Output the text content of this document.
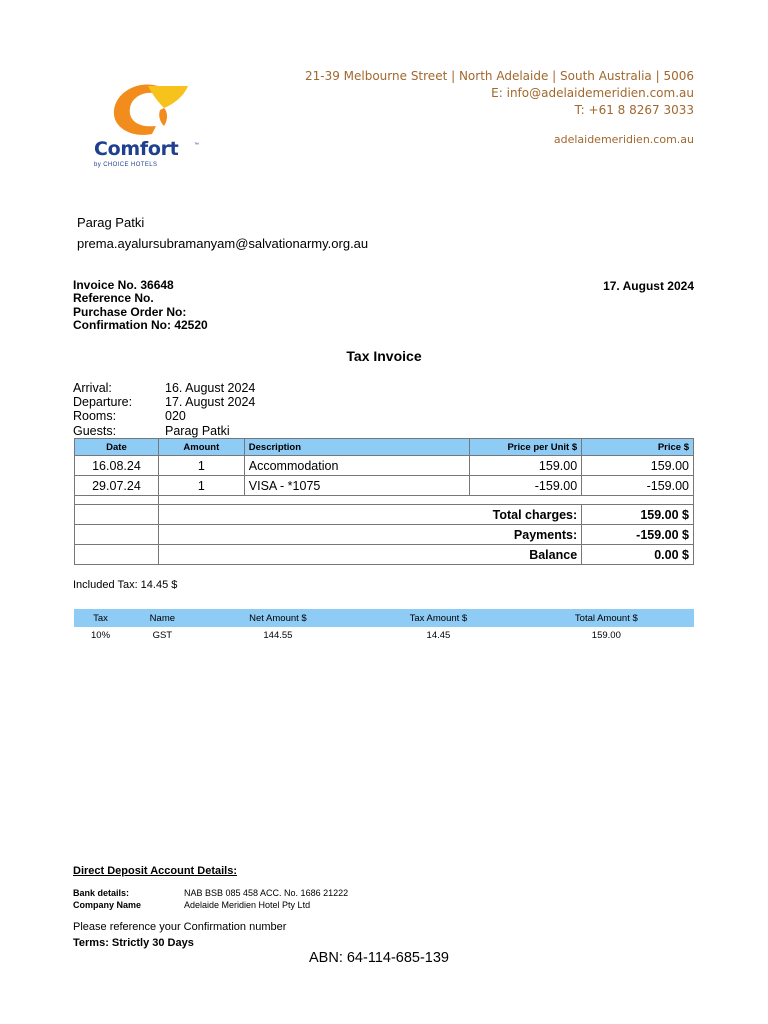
Comfort	™
by CHOICE HOTELS
21-39 Melbourne Street | North Adelaide | South Australia | 5006
E: info@adelaidemeridien.com.au
T: +61 8 8267 3033
adelaidemeridien.com.au
Parag Patki
prema.ayalursubramanyam@salvationarmy.org.au
Invoice No. 36648
Reference No.
Purchase Order No:
Confirmation No: 42520
17. August 2024
Tax Invoice
Arrival:	16. August 2024
Departure:	17. August 2024
Rooms:	020
Guests:	Parag Patki
Date	Amount	Description	Price per Unit $	Price $
16.08.24	1	Accommodation	159.00	159.00
29.07.24	1	VISA - *1075	-159.00	-159.00

	Total charges:			159.00 $
	Payments:			-159.00 $
	Balance			0.00 $
Included Tax: 14.45 $
Tax	Name	Net Amount $	Tax Amount $	Total Amount $
10%	GST	144.55	14.45	159.00
Direct Deposit Account Details:
Bank details:	NAB BSB 085 458 ACC. No. 1686 21222
Company Name	Adelaide Meridien Hotel Pty Ltd
Please reference your Confirmation number
Terms: Strictly 30 Days
ABN: 64-114-685-139
